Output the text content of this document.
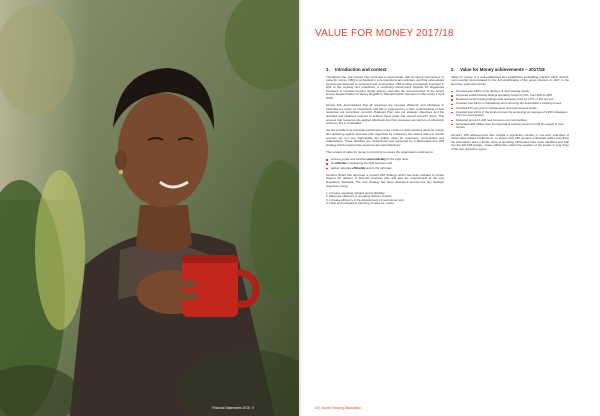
Financial Statements 2018 | 9
VALUE FOR MONEY 2017/18
1. Introduction and context

Throughout the year Accord has continued to demonstrate that its strong commitment to value for money (VfM) is embedded in core operations and activities, and that value-added services are delivered to customers and communities. VfM remains increasingly important in light of the ongoing rent reductions, a continuing Government appetite for Registered Providers to increase housing supply delivery and also the announcement of the recent Homes England Value for Money Regulatory Standard which has been in effect since 1 April 2018.

Accord fully demonstrates that all resources are invested efficiently and effectively to maximise the return on investment, and this is supported by a clear understanding of how resources are committed. Accord's Business Plan sets out strategic objectives and the activities and initiatives required to achieve these goals and support Accord's vision. This ensures that resources are applied effectively and that processes are carried out effectively wherever this is undertaken.

Accord considers its corporate performance in the context of both securing value for money and delivering against business plan objectives by measuring the actions taken to ensure services are not only high-quality, but deliver value for customers, communities and stakeholders. These activities are underpinned and supported by a Board-approved VfM strategy which ensures that resources are used effectively.

The concept of value for money to Accord is to ensure the organisation continues to:

procure goods and services economically for the right price;
be effective in delivering the right services; and
deliver activities efficiently and in the right way.

Accord's Board has approved a revised VfM Strategy which has been updated to further support the delivery of Accord's business plan and also the requirements of the new Regulatory Standard. The new strategy has been developed around four key strategic objectives, being:

1. Increase operating margins and profitability;
2. Maximise efficiency in operating delivery models;
3. Increase efficiency in the development of new homes; and
4. Clear and transparent reporting of value for money.
2. Value for Money achievements – 2017/18

Value for money is a well-established and established embedding practice within Accord, most recently demonstrated by the full simplification of the group structure in 2017. In the last three years Accord has:

Invested over £58m in the delivery of new housing supply
Improved social housing lettings operating margin by 6%, from 29% to 35%
Reduced social housing lettings total operating costs by 17%, or 3% per unit
Invested over £14m in maintaining and improving the Association's existing homes
Invested £6m per year in maintenance and improvement works
Invested over £11m in the local economy by employing an average of 3,200 colleagues from our communities
Delivered around 1,200 new homes to our communities
Generated £20 million from the disposal of existing homes to fund the supply of new homes

Accord's VfM achievements also include a significant number of one-such examples of social value added. Furthermore, to ensure that VfM remains embedded within everything the Association does a further drive of operating efficiencies have been identified and built into the 2017/18 budget – these efficiencies reflect the equation of the impact of year three of the rent reduction regime.

10|Accord Housing Association
